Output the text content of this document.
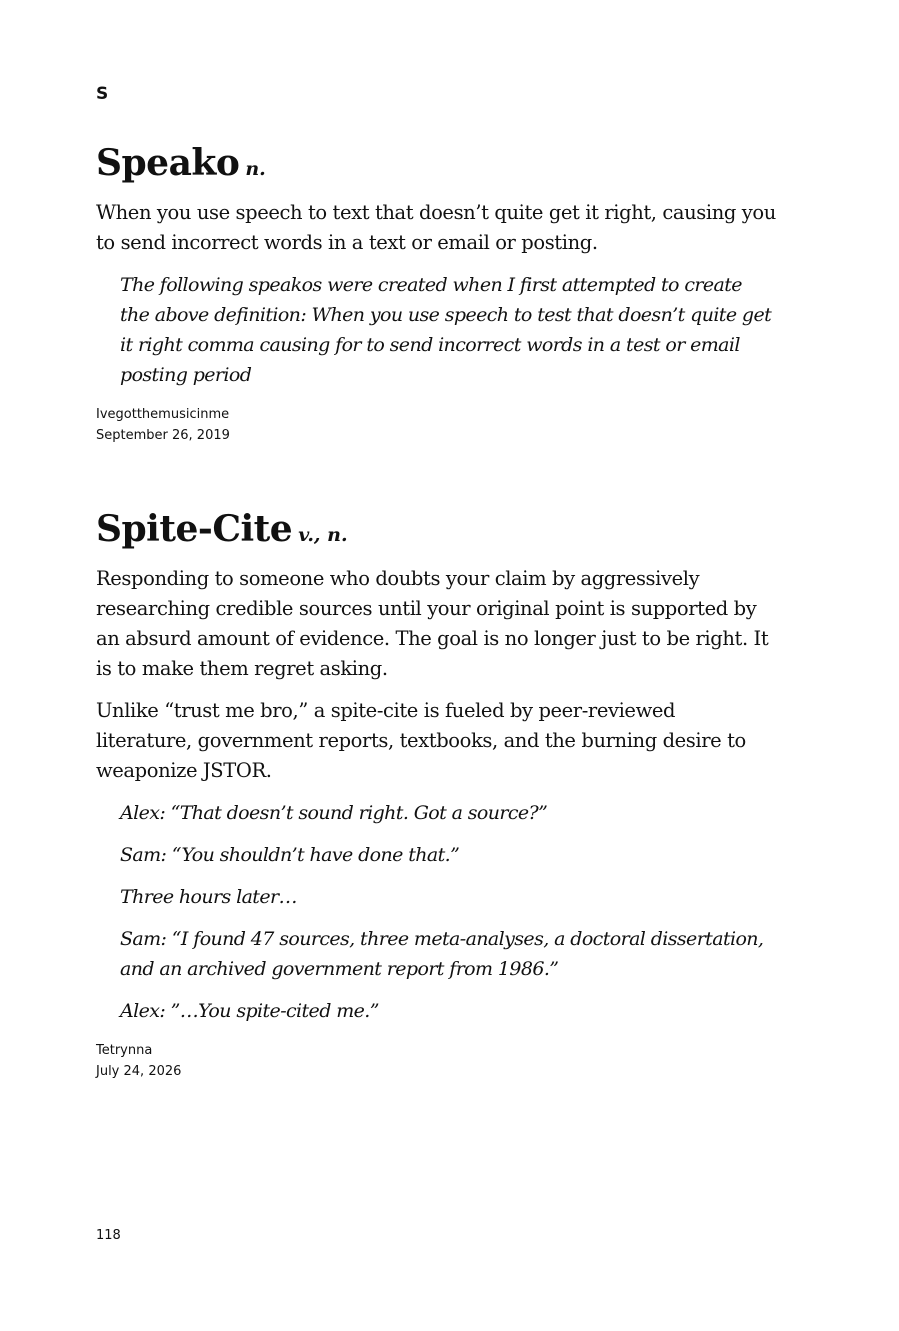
S
Speako n.

When you use speech to text that doesn’t quite get it right, causing you to send incorrect words in a text or email or posting.

The following speakos were created when I first attempted to create the above definition: When you use speech to test that doesn’t quite get it right comma causing for to send incorrect words in a test or email posting period

Ivegotthemusicinme
September 26, 2019
Spite-Cite v., n.

Responding to someone who doubts your claim by aggressively researching credible sources until your original point is supported by an absurd amount of evidence. The goal is no longer just to be right. It is to make them regret asking.

Unlike “trust me bro,” a spite-cite is fueled by peer-reviewed literature, government reports, textbooks, and the burning desire to weaponize JSTOR.

Alex: “That doesn’t sound right. Got a source?”

Sam: “You shouldn’t have done that.”

Three hours later…

Sam: “I found 47 sources, three meta-analyses, a doctoral dissertation, and an archived government report from 1986.”

Alex: ”…You spite-cited me.”

Tetrynna
July 24, 2026
118
